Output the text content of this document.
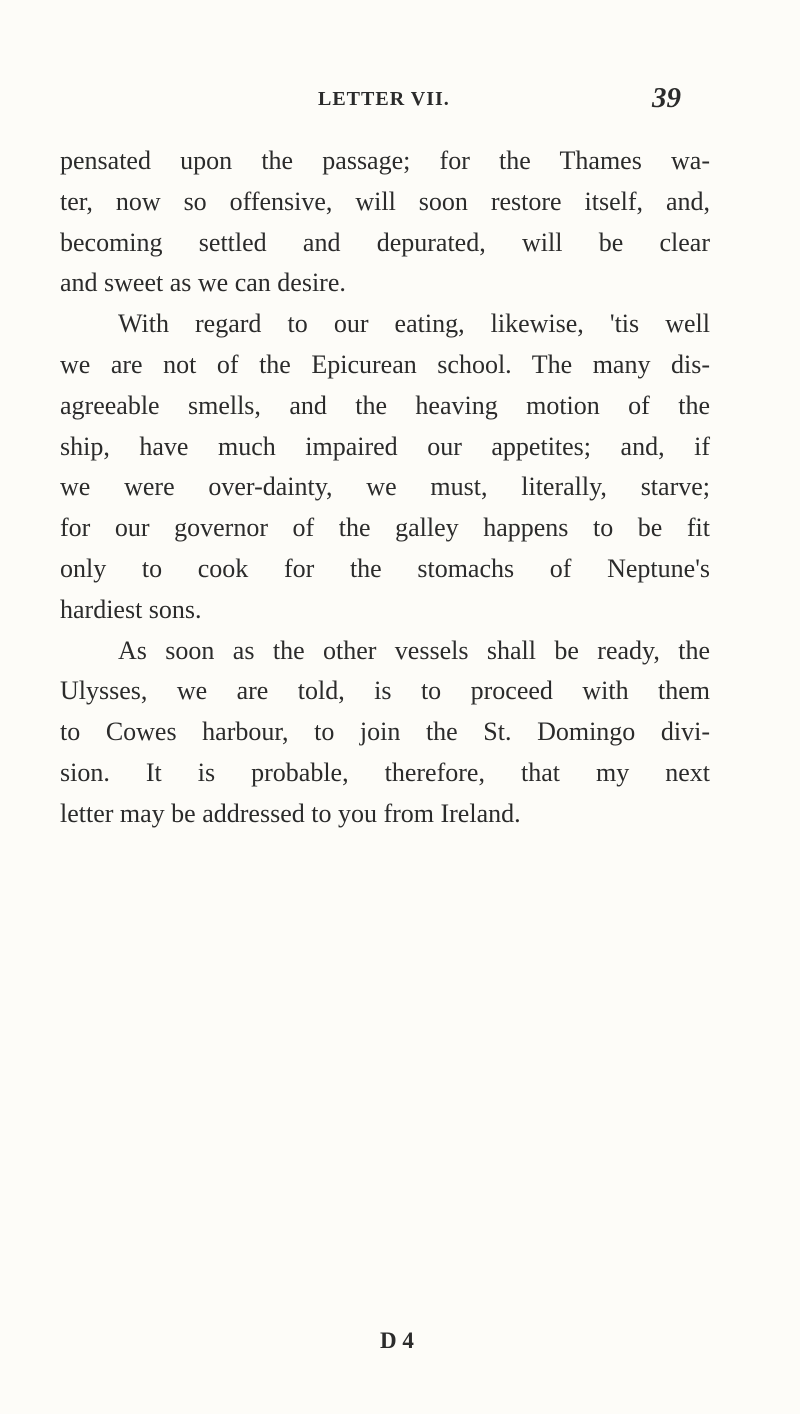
LETTER VII.	39
pensated upon the passage; for the Thames wa-
ter, now so offensive, will soon restore itself, and,
becoming settled and depurated, will be clear
and sweet as we can desire.
With regard to our eating, likewise, 'tis well
we are not of the Epicurean school. The many dis-
agreeable smells, and the heaving motion of the
ship, have much impaired our appetites; and, if
we were over-dainty, we must, literally, starve;
for our governor of the galley happens to be fit
only to cook for the stomachs of Neptune's
hardiest sons.
As soon as the other vessels shall be ready, the
Ulysses, we are told, is to proceed with them
to Cowes harbour, to join the St. Domingo divi-
sion. It is probable, therefore, that my next
letter may be addressed to you from Ireland.
D 4
